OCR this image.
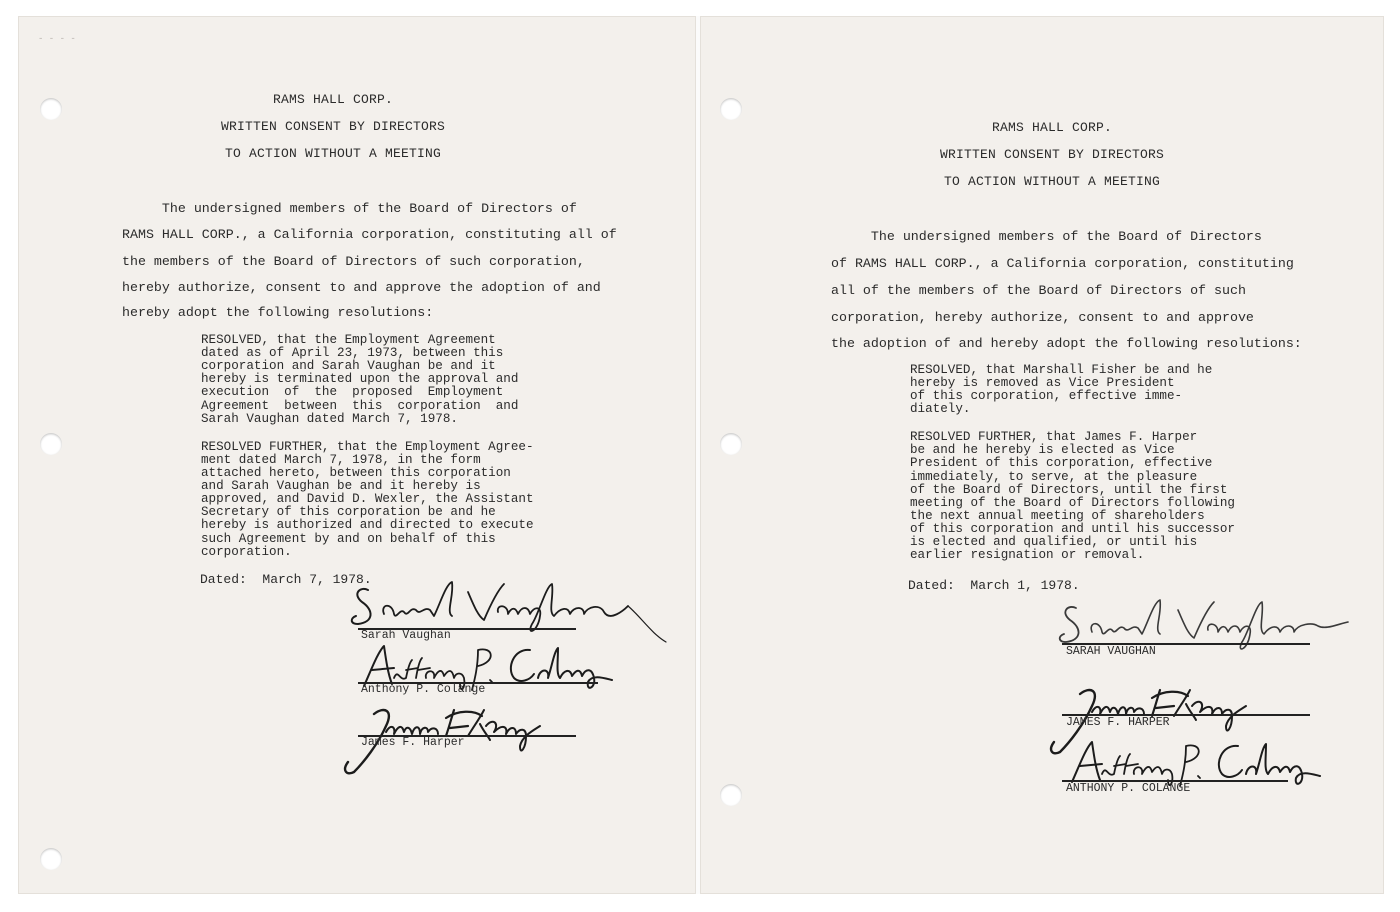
- - - -
RAMS HALL CORP.
WRITTEN CONSENT BY DIRECTORS
TO ACTION WITHOUT A MEETING
The undersigned members of the Board of Directors of
RAMS HALL CORP., a California corporation, constituting all of
the members of the Board of Directors of such corporation,
hereby authorize, consent to and approve the adoption of and
hereby adopt the following resolutions:
RESOLVED, that the Employment Agreement
dated as of April 23, 1973, between this
corporation and Sarah Vaughan be and it
hereby is terminated upon the approval and
execution  of  the  proposed  Employment
Agreement  between  this  corporation  and
Sarah Vaughan dated March 7, 1978.
RESOLVED FURTHER, that the Employment Agree-
ment dated March 7, 1978, in the form
attached hereto, between this corporation
and Sarah Vaughan be and it hereby is
approved, and David D. Wexler, the Assistant
Secretary of this corporation be and he
hereby is authorized and directed to execute
such Agreement by and on behalf of this
corporation.
Dated:  March 7, 1978.
Sarah Vaughan
Anthony P. Colange
James F. Harper
RAMS HALL CORP.
WRITTEN CONSENT BY DIRECTORS
TO ACTION WITHOUT A MEETING
The undersigned members of the Board of Directors
of RAMS HALL CORP., a California corporation, constituting
all of the members of the Board of Directors of such
corporation, hereby authorize, consent to and approve
the adoption of and hereby adopt the following resolutions:
RESOLVED, that Marshall Fisher be and he
hereby is removed as Vice President
of this corporation, effective imme-
diately.
RESOLVED FURTHER, that James F. Harper
be and he hereby is elected as Vice
President of this corporation, effective
immediately, to serve, at the pleasure
of the Board of Directors, until the first
meeting of the Board of Directors following
the next annual meeting of shareholders
of this corporation and until his successor
is elected and qualified, or until his
earlier resignation or removal.
Dated:  March 1, 1978.
SARAH VAUGHAN
JAMES F. HARPER
ANTHONY P. COLANGE
